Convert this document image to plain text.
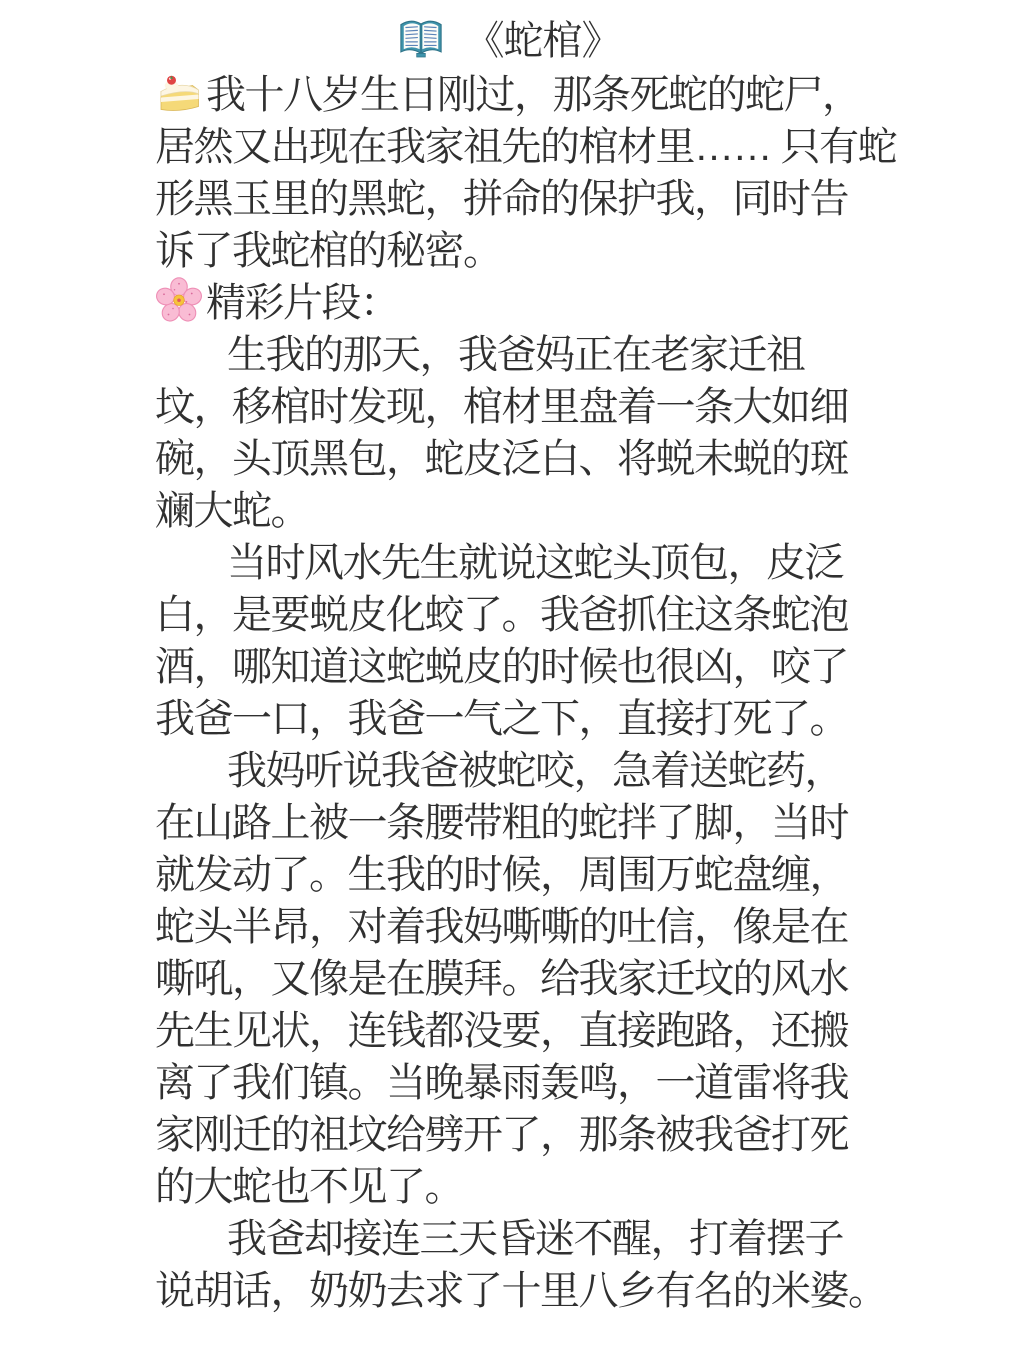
《蛇棺》
我十八岁生日刚过，那条死蛇的蛇尸，
居然又出现在我家祖先的棺材里…… 只有蛇
形黑玉里的黑蛇，拼命的保护我，同时告
诉了我蛇棺的秘密。
精彩片段：
生我的那天，我爸妈正在老家迁祖
坟，移棺时发现，棺材里盘着一条大如细
碗，头顶黑包，蛇皮泛白、将蜕未蜕的斑
斓大蛇。
当时风水先生就说这蛇头顶包，皮泛
白，是要蜕皮化蛟了。我爸抓住这条蛇泡
酒，哪知道这蛇蜕皮的时候也很凶，咬了
我爸一口，我爸一气之下，直接打死了。
我妈听说我爸被蛇咬，急着送蛇药，
在山路上被一条腰带粗的蛇拌了脚，当时
就发动了。生我的时候，周围万蛇盘缠，
蛇头半昂，对着我妈嘶嘶的吐信，像是在
嘶吼，又像是在膜拜。给我家迁坟的风水
先生见状，连钱都没要，直接跑路，还搬
离了我们镇。当晚暴雨轰鸣，一道雷将我
家刚迁的祖坟给劈开了，那条被我爸打死
的大蛇也不见了。
我爸却接连三天昏迷不醒，打着摆子
说胡话，奶奶去求了十里八乡有名的米婆。
